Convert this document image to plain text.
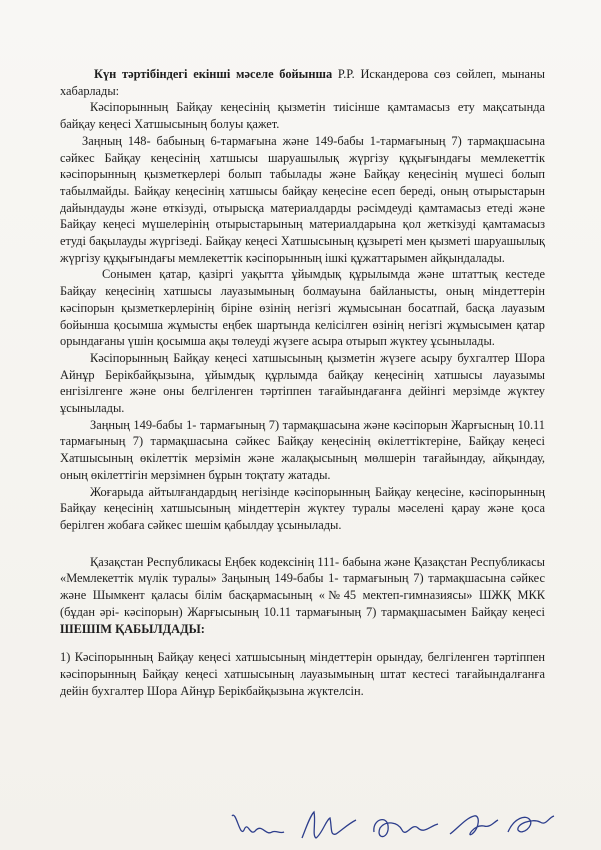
Күн тәртібіндегі екінші мәселе бойынша Р.Р. Искандерова сөз сөйлеп, мынаны хабарлады:

Кәсіпорынның Байқау кеңесінің қызметін тиісінше қамтамасыз ету мақсатында байқау кеңесі Хатшысының болуы қажет.

Заңның 148- бабының 6-тармағына және 149-бабы 1-тармағының 7) тармақшасына сәйкес Байқау кеңесінің хатшысы шаруашылық жүргізу құқығындағы мемлекеттік кәсіпорынның қызметкерлері болып табылады және Байқау кеңесінің мүшесі болып табылмайды. Байқау кеңесінің хатшысы байқау кеңесіне есеп береді, оның отырыстарын дайындауды және өткізуді, отырысқа материалдарды рәсімдеуді қамтамасыз етеді және Байқау кеңесі мүшелерінің отырыстарының материалдарына қол жеткізуді қамтамасыз етуді бақылауды жүргізеді. Байқау кеңесі Хатшысының құзыреті мен қызметі шаруашылық жүргізу құқығындағы мемлекеттік кәсіпорынның ішкі құжаттарымен айқындалады.

Сонымен қатар, қазіргі уақытта ұйымдық құрылымда және штаттық кестеде Байқау кеңесінің хатшысы лауазымының болмауына байланысты, оның міндеттерін кәсіпорын қызметкерлерінің біріне өзінің негізгі жұмысынан босатпай, басқа лауазым бойынша қосымша жұмысты еңбек шартында келісілген өзінің негізгі жұмысымен қатар орындағаны үшін қосымша ақы төлеуді жүзеге асыра отырып жүктеу ұсынылады.

Кәсіпорынның Байқау кеңесі хатшысының қызметін жүзеге асыру бухгалтер Шора Айнұр Берікбайқызына, ұйымдық құрлымда байқау кеңесінің хатшысы лауазымы енгізілгенге және оны белгіленген тәртіппен тағайындағанға дейінгі мерзімде жүктеу ұсынылады.

Заңның 149-бабы 1- тармағының 7) тармақшасына және кәсіпорын Жарғысның 10.11 тармағының 7) тармақшасына сәйкес Байқау кеңесінің өкілеттіктеріне, Байқау кеңесі Хатшысының өкілеттік мерзімін және жалақысының мөлшерін тағайындау, айқындау, оның өкілеттігін мерзімнен бұрын тоқтату жатады.

Жоғарыда айтылғандардың негізінде кәсіпорынның Байқау кеңесіне, кәсіпорынның Байқау кеңесінің хатшысының міндеттерін жүктеу туралы мәселені қарау және қоса берілген жобаға сәйкес шешім қабылдау ұсынылады.

Қазақстан Республикасы Еңбек кодексінің 111- бабына және Қазақстан Республикасы «Мемлекеттік мүлік туралы» Заңының 149-бабы 1- тармағының 7) тармақшасына сәйкес және Шымкент қаласы білім басқармасының «№45 мектеп-гимназиясы» ШЖҚ МКК (бұдан әрі- кәсіпорын) Жарғысының 10.11 тармағының 7) тармақшасымен Байқау кеңесі ШЕШІМ ҚАБЫЛДАДЫ:

1) Кәсіпорынның Байқау кеңесі хатшысының міндеттерін орындау, белгіленген тәртіппен кәсіпорынның Байқау кеңесі хатшысының лауазымының штат кестесі тағайындалғанға дейін бухгалтер Шора Айнұр Берікбайқызына жүктелсін.
